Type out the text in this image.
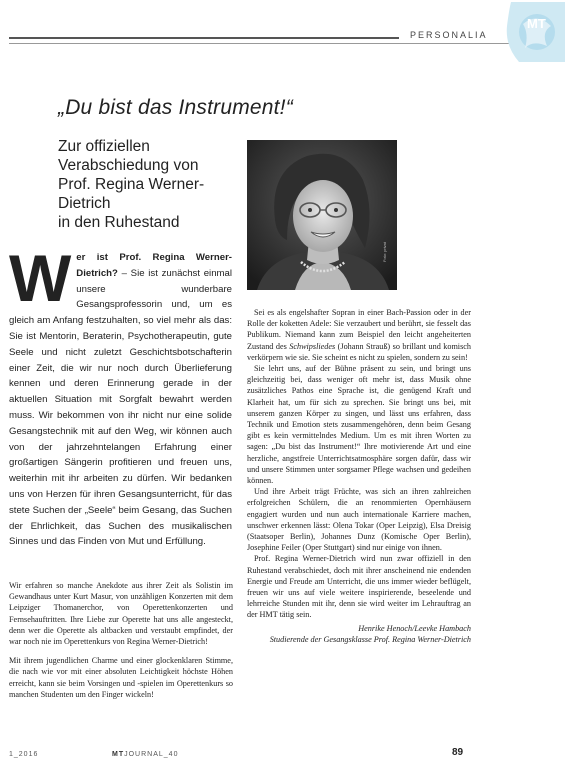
PERSONALIA
MT
„Du bist das Instrument!“
Zur offiziellen
Verabschiedung von
Prof. Regina Werner-Dietrich
in den Ruhestand
Foto: privat
Wer ist Prof. Regina Werner-Dietrich? – Sie ist zunächst einmal unsere wunderbare Gesangsprofessorin und, um es gleich am Anfang festzuhalten, so viel mehr als das: Sie ist Mentorin, Beraterin, Psychotherapeutin, gute Seele und nicht zuletzt Geschichtsbotschafterin einer Zeit, die wir nur noch durch Überlieferung kennen und deren Erinnerung gerade in der aktuellen Situation mit Sorgfalt bewahrt werden muss. Wir bekommen von ihr nicht nur eine solide Gesangstechnik mit auf den Weg, wir können auch von der jahrzehntelangen Erfahrung einer großartigen Sängerin profitieren und freuen uns, weiterhin mit ihr arbeiten zu dürfen. Wir bedanken uns von Herzen für ihren Gesangsunterricht, für das stete Suchen der „Seele“ beim Gesang, das Suchen der Ehrlichkeit, das Suchen des musikalischen Sinnes und das Finden von Mut und Erfüllung.

Wir erfahren so manche Anekdote aus ihrer Zeit als Solistin im Gewandhaus unter Kurt Masur, von unzähligen Konzerten mit dem Leipziger Thomanerchor, von Operettenkonzerten und Fernsehauftritten. Ihre Liebe zur Operette hat uns alle angesteckt, denn wer die Operette als altbacken und verstaubt empfindet, der war noch nie im Operettenkurs von Regina Werner-Dietrich!

Mit ihrem jugendlichen Charme und einer glockenklaren Stimme, die nach wie vor mit einer absoluten Leichtigkeit höchste Höhen erreicht, kann sie beim Vorsingen und -spielen im Operettenkurs so manchen Studenten um den Finger wickeln!

Sei es als engelshafter Sopran in einer Bach-Passion oder in der Rolle der koketten Adele: Sie verzaubert und berührt, sie fesselt das Publikum. Niemand kann zum Beispiel den leicht angeheiterten Zustand des Schwipsliedes (Johann Strauß) so brillant und komisch verkörpern wie sie. Sie scheint es nicht zu spielen, sondern zu sein!

Sie lehrt uns, auf der Bühne präsent zu sein, und bringt uns gleichzeitig bei, dass weniger oft mehr ist, dass Musik ohne zusätzliches Pathos eine Sprache ist, die genügend Kraft und Klarheit hat, um für sich zu sprechen. Sie bringt uns bei, mit unserem ganzen Körper zu singen, und lässt uns erfahren, dass Technik und Emotion stets zusammengehören, denn beim Gesang gibt es kein vermittelndes Medium. Um es mit ihren Worten zu sagen: „Du bist das Instrument!“ Ihre motivierende Art und eine herzliche, angstfreie Unterrichtsatmosphäre sorgen dafür, dass wir und unsere Stimmen unter sorgsamer Pflege wachsen und gedeihen können.

Und ihre Arbeit trägt Früchte, was sich an ihren zahlreichen erfolgreichen Schülern, die an renommierten Opernhäusern engagiert wurden und nun auch internationale Karriere machen, unschwer erkennen lässt: Olena Tokar (Oper Leipzig), Elsa Dreisig (Staatsoper Berlin), Johannes Dunz (Komische Oper Berlin), Josephine Feiler (Oper Stuttgart) sind nur einige von ihnen.

Prof. Regina Werner-Dietrich wird nun zwar offiziell in den Ruhestand verabschiedet, doch mit ihrer anscheinend nie endenden Energie und Freude am Unterricht, die uns immer wieder beflügelt, freuen wir uns auf viele weitere inspirierende, beseelende und lehrreiche Stunden mit ihr, denn sie wird weiter im Lehrauftrag an der HMT tätig sein.

Henrike Henoch/Leevke Hambach
Studierende der Gesangsklasse Prof. Regina Werner-Dietrich
1_2016	MTJOURNAL_40	89
